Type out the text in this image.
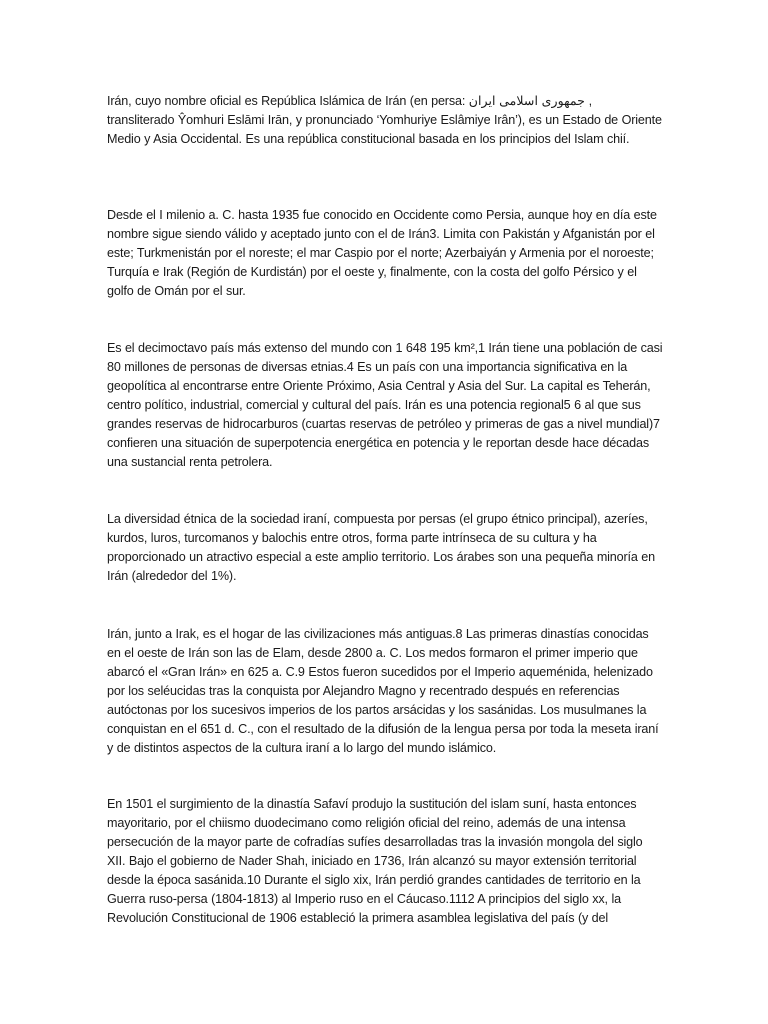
Irán, cuyo nombre oficial es República Islámica de Irán (en persa: جمهوری اسلامی ایران , transliterado Ŷomhuri Eslāmi Irān, y pronunciado ‘Yomhuriye Eslâmiye Irân’), es un Estado de Oriente Medio y Asia Occidental. Es una república constitucional basada en los principios del Islam chií.

Desde el I milenio a. C. hasta 1935 fue conocido en Occidente como Persia, aunque hoy en día este nombre sigue siendo válido y aceptado junto con el de Irán3. Limita con Pakistán y Afganistán por el este; Turkmenistán por el noreste; el mar Caspio por el norte; Azerbaiyán y Armenia por el noroeste; Turquía e Irak (Región de Kurdistán) por el oeste y, finalmente, con la costa del golfo Pérsico y el golfo de Omán por el sur.

Es el decimoctavo país más extenso del mundo con 1 648 195 km²,1 Irán tiene una población de casi 80 millones de personas de diversas etnias.4 Es un país con una importancia significativa en la geopolítica al encontrarse entre Oriente Próximo, Asia Central y Asia del Sur. La capital es Teherán, centro político, industrial, comercial y cultural del país. Irán es una potencia regional5 6 al que sus grandes reservas de hidrocarburos (cuartas reservas de petróleo y primeras de gas a nivel mundial)7 confieren una situación de superpotencia energética en potencia y le reportan desde hace décadas una sustancial renta petrolera.

La diversidad étnica de la sociedad iraní, compuesta por persas (el grupo étnico principal), azeríes, kurdos, luros, turcomanos y balochis entre otros, forma parte intrínseca de su cultura y ha proporcionado un atractivo especial a este amplio territorio. Los árabes son una pequeña minoría en Irán (alrededor del 1%).

Irán, junto a Irak, es el hogar de las civilizaciones más antiguas.8 Las primeras dinastías conocidas en el oeste de Irán son las de Elam, desde 2800 a. C. Los medos formaron el primer imperio que abarcó el «Gran Irán» en 625 a. C.9 Estos fueron sucedidos por el Imperio aqueménida, helenizado por los seléucidas tras la conquista por Alejandro Magno y recentrado después en referencias autóctonas por los sucesivos imperios de los partos arsácidas y los sasánidas. Los musulmanes la conquistan en el 651 d. C., con el resultado de la difusión de la lengua persa por toda la meseta iraní y de distintos aspectos de la cultura iraní a lo largo del mundo islámico.

En 1501 el surgimiento de la dinastía Safaví produjo la sustitución del islam suní, hasta entonces mayoritario, por el chiismo duodecimano como religión oficial del reino, además de una intensa persecución de la mayor parte de cofradías sufíes desarrolladas tras la invasión mongola del siglo XII. Bajo el gobierno de Nader Shah, iniciado en 1736, Irán alcanzó su mayor extensión territorial desde la época sasánida.10 Durante el siglo xix, Irán perdió grandes cantidades de territorio en la Guerra ruso-persa (1804-1813) al Imperio ruso en el Cáucaso.1112 A principios del siglo xx, la Revolución Constitucional de 1906 estableció la primera asamblea legislativa del país (y del
